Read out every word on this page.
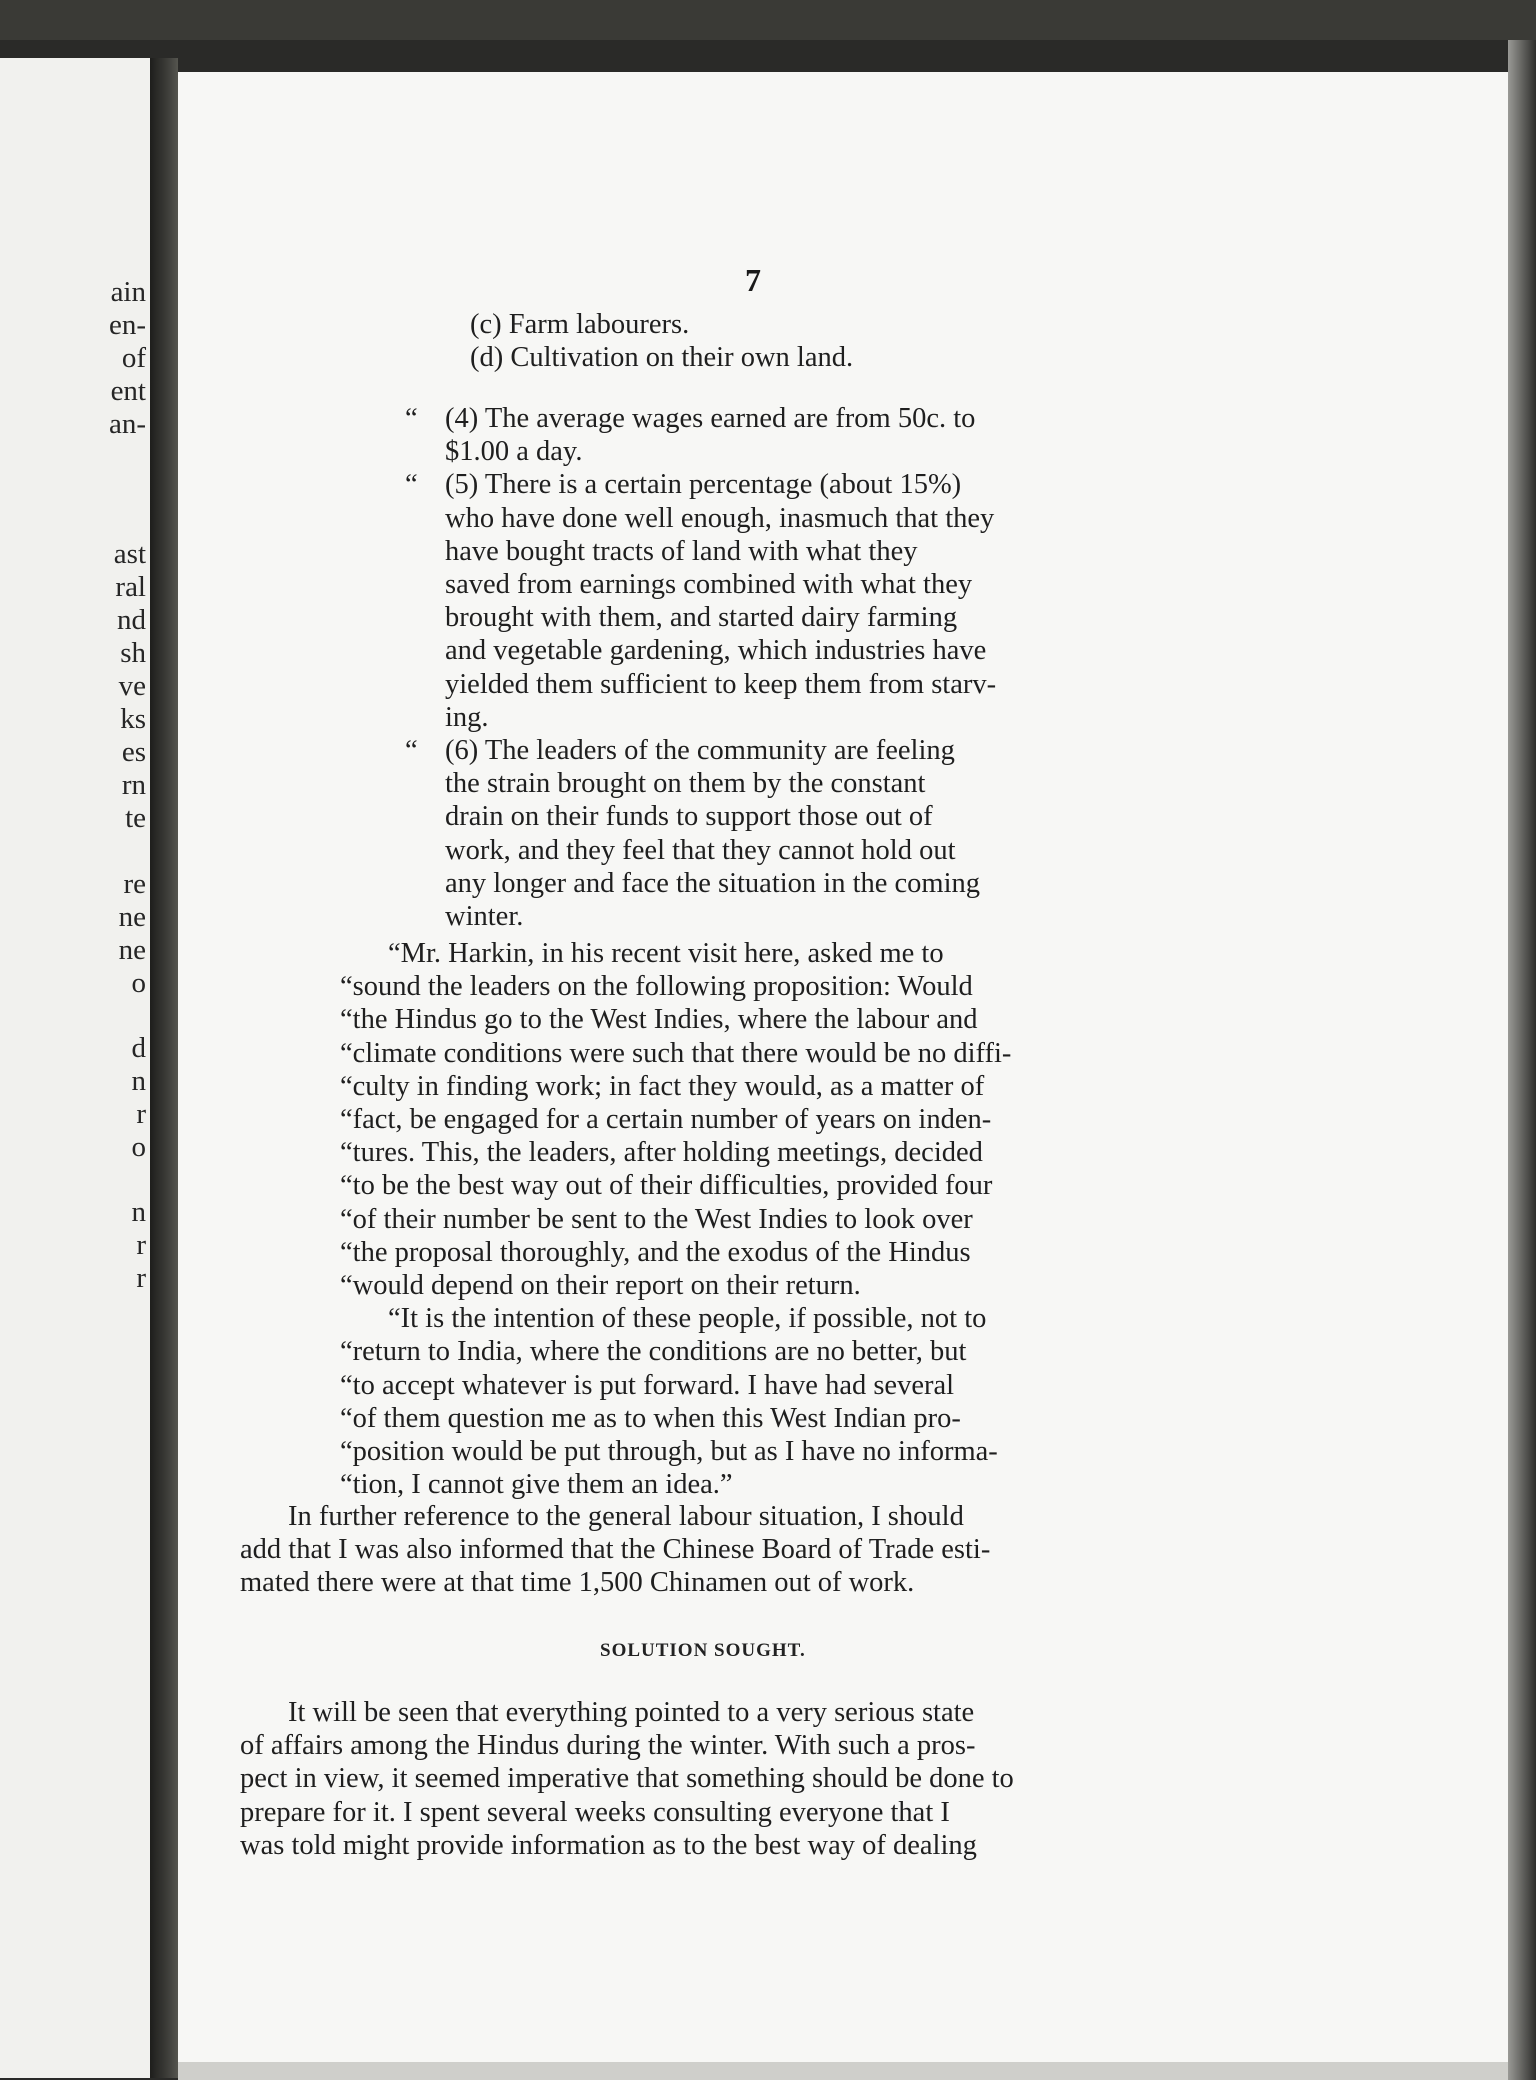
ain
en-
of
ent
an-
ast
ral
nd
sh
ve
ks
es
rn
te
re
ne
ne
o
d
n
r
o
n
r
r
7
(c) Farm labourers.
(d) Cultivation on their own land.
“ (4) The average wages earned are from 50c. to
$1.00 a day.
“ (5) There is a certain percentage (about 15%)
who have done well enough, inasmuch that they
have bought tracts of land with what they
saved from earnings combined with what they
brought with them, and started dairy farming
and vegetable gardening, which industries have
yielded them sufficient to keep them from starv-
ing.
“ (6) The leaders of the community are feeling
the strain brought on them by the constant
drain on their funds to support those out of
work, and they feel that they cannot hold out
any longer and face the situation in the coming
winter.
“Mr. Harkin, in his recent visit here, asked me to
“sound the leaders on the following proposition: Would
“the Hindus go to the West Indies, where the labour and
“climate conditions were such that there would be no diffi-
“culty in finding work; in fact they would, as a matter of
“fact, be engaged for a certain number of years on inden-
“tures. This, the leaders, after holding meetings, decided
“to be the best way out of their difficulties, provided four
“of their number be sent to the West Indies to look over
“the proposal thoroughly, and the exodus of the Hindus
“would depend on their report on their return.
“It is the intention of these people, if possible, not to
“return to India, where the conditions are no better, but
“to accept whatever is put forward. I have had several
“of them question me as to when this West Indian pro-
“position would be put through, but as I have no informa-
“tion, I cannot give them an idea.”
In further reference to the general labour situation, I should
add that I was also informed that the Chinese Board of Trade esti-
mated there were at that time 1,500 Chinamen out of work.
SOLUTION SOUGHT.
It will be seen that everything pointed to a very serious state
of affairs among the Hindus during the winter. With such a pros-
pect in view, it seemed imperative that something should be done to
prepare for it. I spent several weeks consulting everyone that I
was told might provide information as to the best way of dealing
